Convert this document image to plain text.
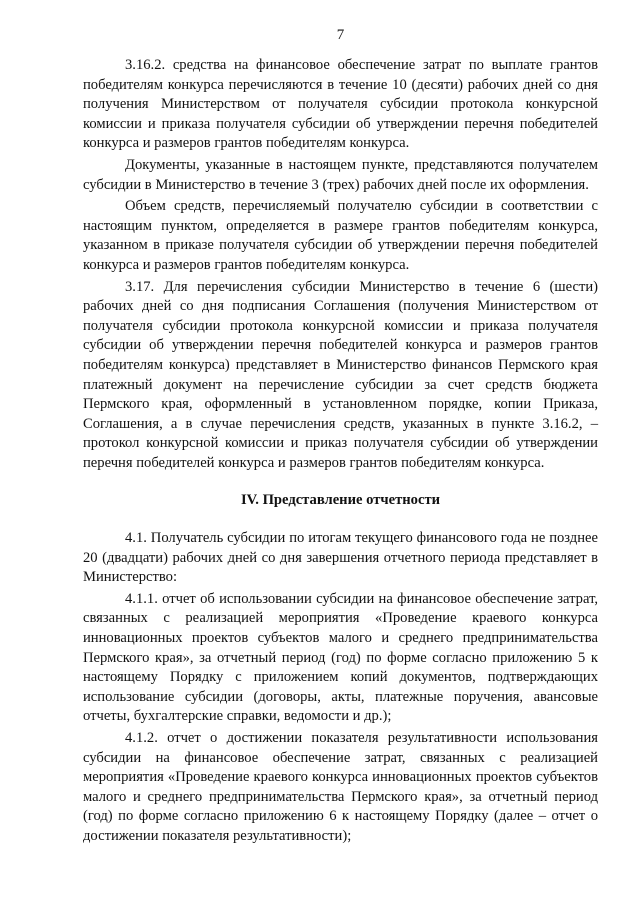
7

3.16.2. средства на финансовое обеспечение затрат по выплате грантов победителям конкурса перечисляются в течение 10 (десяти) рабочих дней со дня получения Министерством от получателя субсидии протокола конкурсной комиссии и приказа получателя субсидии об утверждении перечня победителей конкурса и размеров грантов победителям конкурса.

Документы, указанные в настоящем пункте, представляются получателем субсидии в Министерство в течение 3 (трех) рабочих дней после их оформления.

Объем средств, перечисляемый получателю субсидии в соответствии с настоящим пунктом, определяется в размере грантов победителям конкурса, указанном в приказе получателя субсидии об утверждении перечня победителей конкурса и размеров грантов победителям конкурса.

3.17. Для перечисления субсидии Министерство в течение 6 (шести) рабочих дней со дня подписания Соглашения (получения Министерством от получателя субсидии протокола конкурсной комиссии и приказа получателя субсидии об утверждении перечня победителей конкурса и размеров грантов победителям конкурса) представляет в Министерство финансов Пермского края платежный документ на перечисление субсидии за счет средств бюджета Пермского края, оформленный в установленном порядке, копии Приказа, Соглашения, а в случае перечисления средств, указанных в пункте 3.16.2, – протокол конкурсной комиссии и приказ получателя субсидии об утверждении перечня победителей конкурса и размеров грантов победителям конкурса.

IV. Представление отчетности

4.1. Получатель субсидии по итогам текущего финансового года не позднее 20 (двадцати) рабочих дней со дня завершения отчетного периода представляет в Министерство:

4.1.1. отчет об использовании субсидии на финансовое обеспечение затрат, связанных с реализацией мероприятия «Проведение краевого конкурса инновационных проектов субъектов малого и среднего предпринимательства Пермского края», за отчетный период (год) по форме согласно приложению 5 к настоящему Порядку с приложением копий документов, подтверждающих использование субсидии (договоры, акты, платежные поручения, авансовые отчеты, бухгалтерские справки, ведомости и др.);

4.1.2. отчет о достижении показателя результативности использования субсидии на финансовое обеспечение затрат, связанных с реализацией мероприятия «Проведение краевого конкурса инновационных проектов субъектов малого и среднего предпринимательства Пермского края», за отчетный период (год) по форме согласно приложению 6 к настоящему Порядку (далее – отчет о достижении показателя результативности);
